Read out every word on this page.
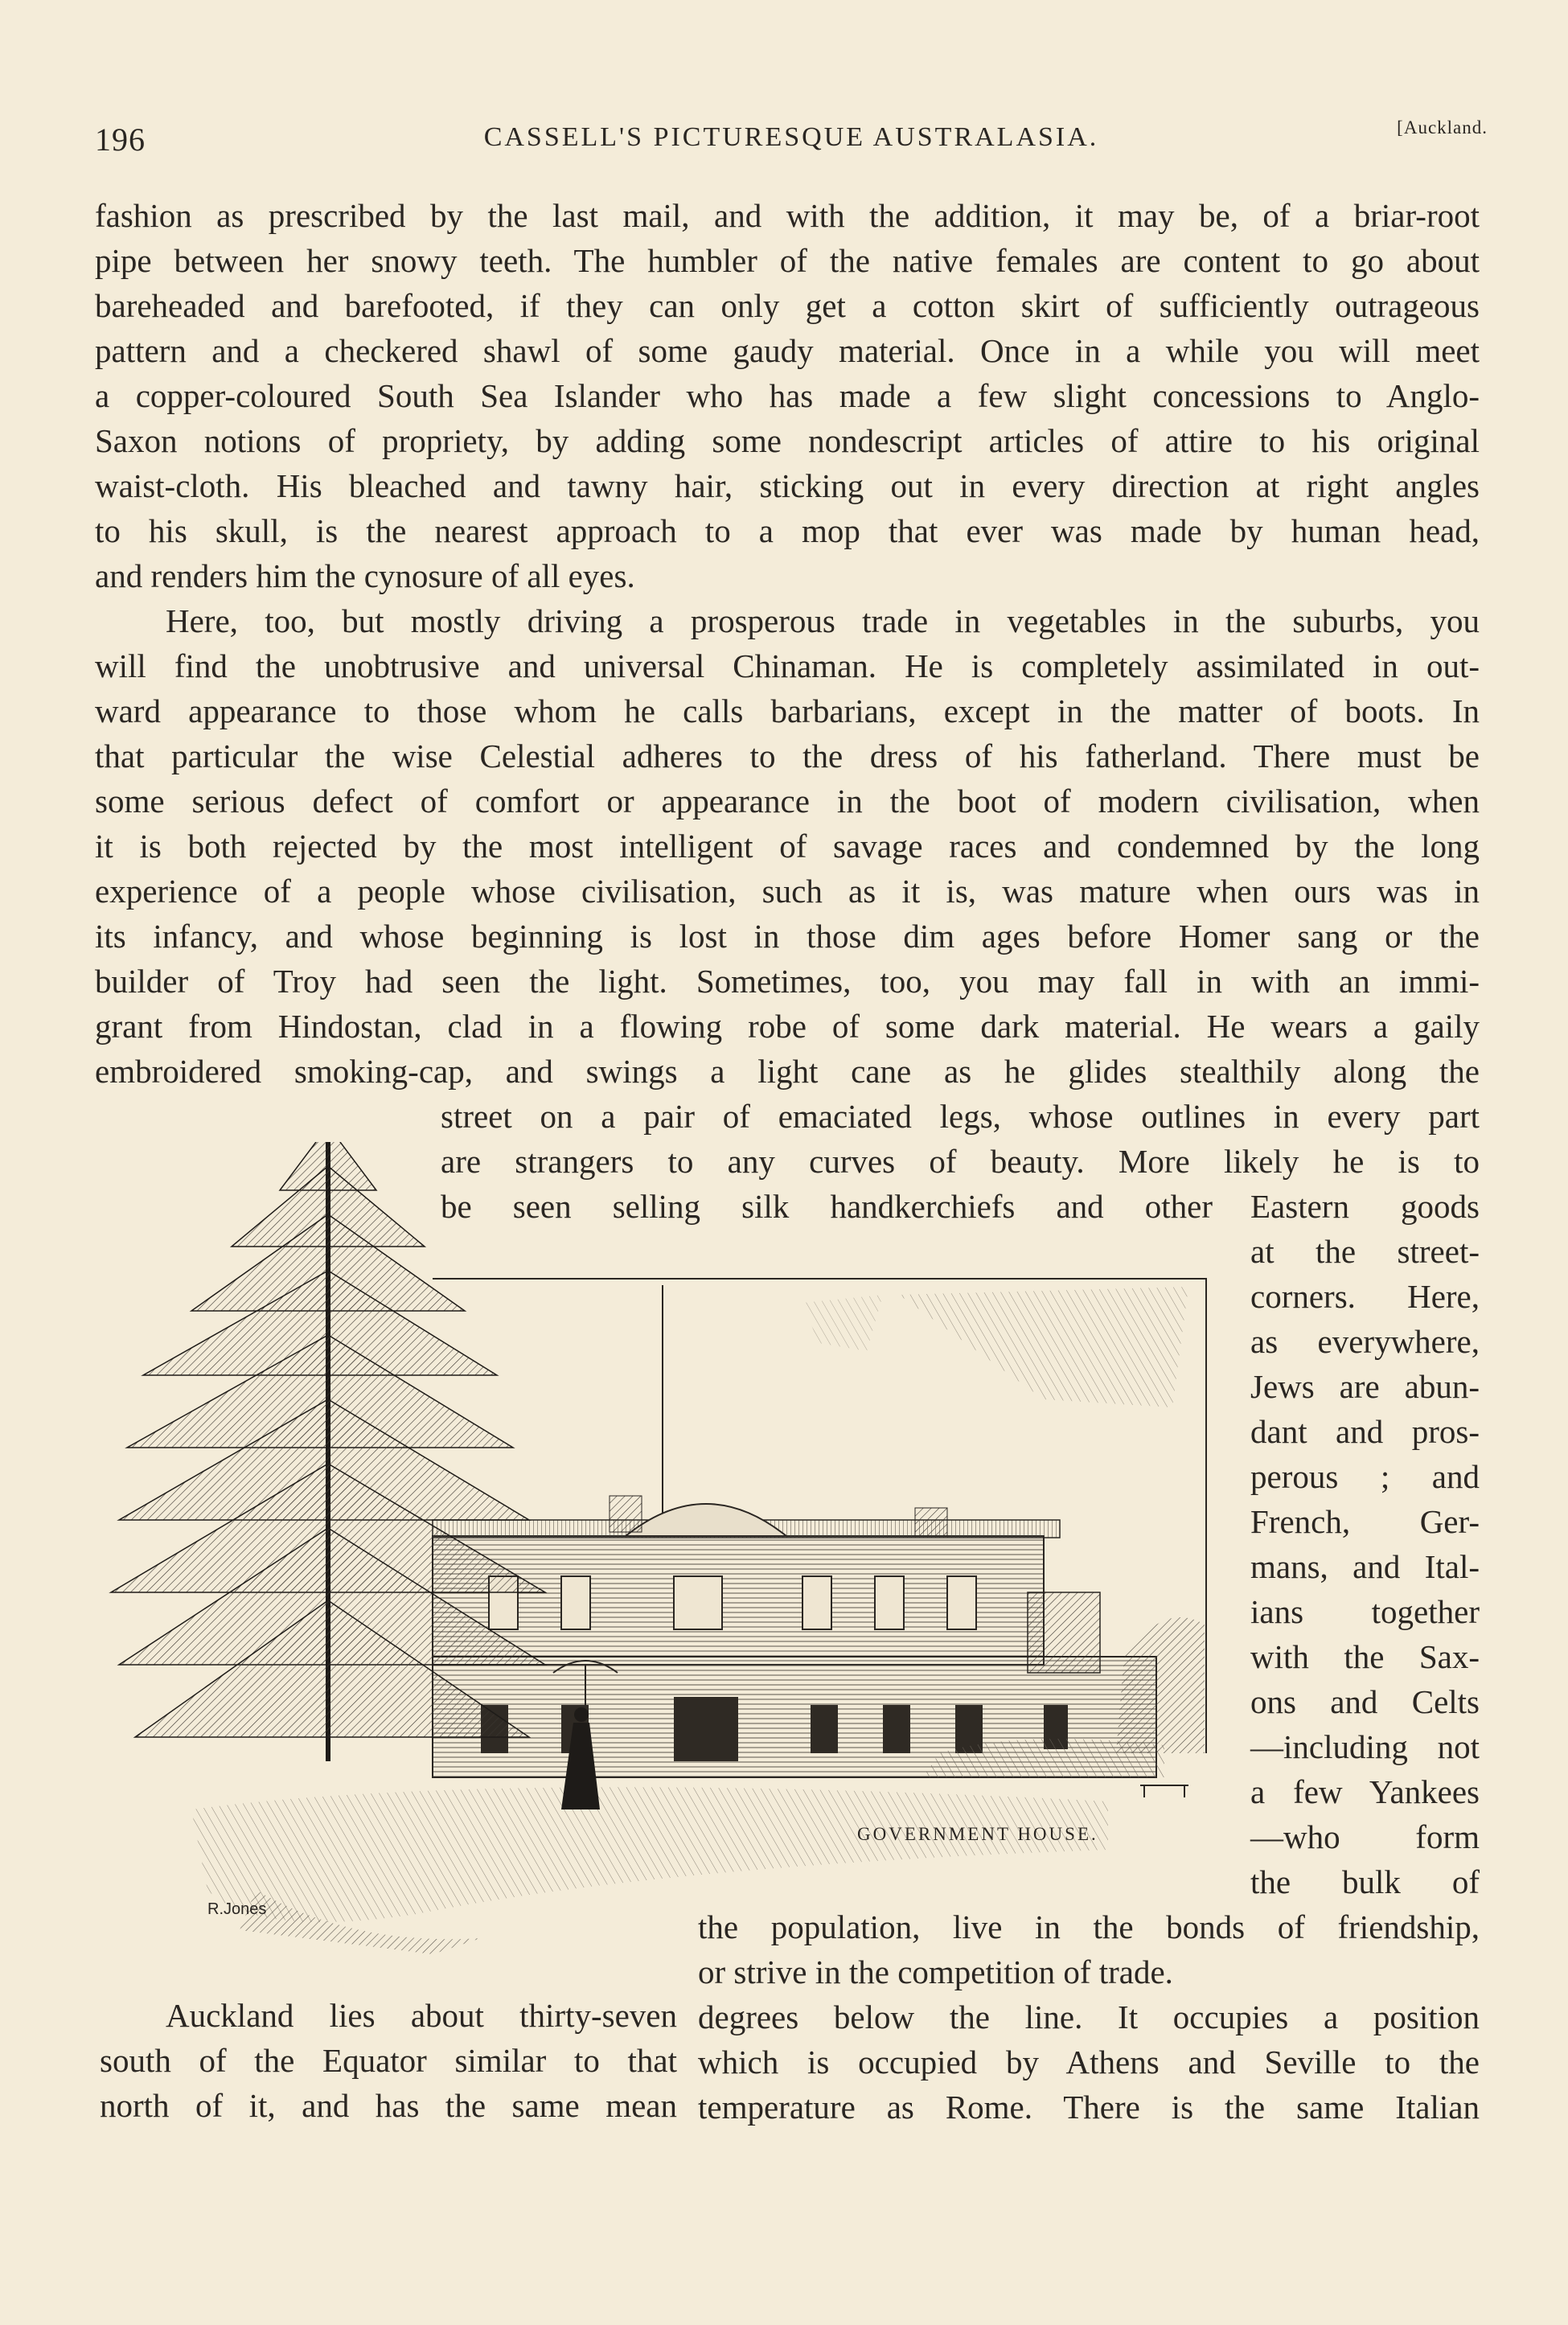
196	CASSELL'S PICTURESQUE AUSTRALASIA.	[Auckland.
fashion as prescribed by the last mail, and with the addition, it may be, of a briar-root
pipe between her snowy teeth. The humbler of the native females are content to go about
bareheaded and barefooted, if they can only get a cotton skirt of sufficiently outrageous
pattern and a checkered shawl of some gaudy material. Once in a while you will meet
a copper-coloured South Sea Islander who has made a few slight concessions to Anglo-
Saxon notions of propriety, by adding some nondescript articles of attire to his original
waist-cloth. His bleached and tawny hair, sticking out in every direction at right angles
to his skull, is the nearest approach to a mop that ever was made by human head,
and renders him the cynosure of all eyes.
Here, too, but mostly driving a prosperous trade in vegetables in the suburbs, you
will find the unobtrusive and universal Chinaman. He is completely assimilated in out-
ward appearance to those whom he calls barbarians, except in the matter of boots. In
that particular the wise Celestial adheres to the dress of his fatherland. There must be
some serious defect of comfort or appearance in the boot of modern civilisation, when
it is both rejected by the most intelligent of savage races and condemned by the long
experience of a people whose civilisation, such as it is, was mature when ours was in
its infancy, and whose beginning is lost in those dim ages before Homer sang or the
builder of Troy had seen the light. Sometimes, too, you may fall in with an immi-
grant from Hindostan, clad in a flowing robe of some dark material. He wears a gaily
embroidered smoking-cap, and swings a light cane as he glides stealthily along the
street on a pair of emaciated legs, whose outlines in every part
are strangers to any curves of beauty. More likely he is to
be seen selling silk handkerchiefs and other Eastern goods
at the street-
corners. Here,
as everywhere,
Jews are abun-
dant and pros-
perous ; and
French, Ger-
mans, and Ital-
ians together
with the Sax-
ons and Celts
—including not
a few Yankees
—who form
the bulk of
the population, live in the bonds of friendship,
or strive in the competition of trade.
Auckland lies about thirty-seven degrees below the line. It occupies a position
south of the Equator similar to that which is occupied by Athens and Seville to the
north of it, and has the same mean temperature as Rome. There is the same Italian
R.Jones
GOVERNMENT HOUSE.
